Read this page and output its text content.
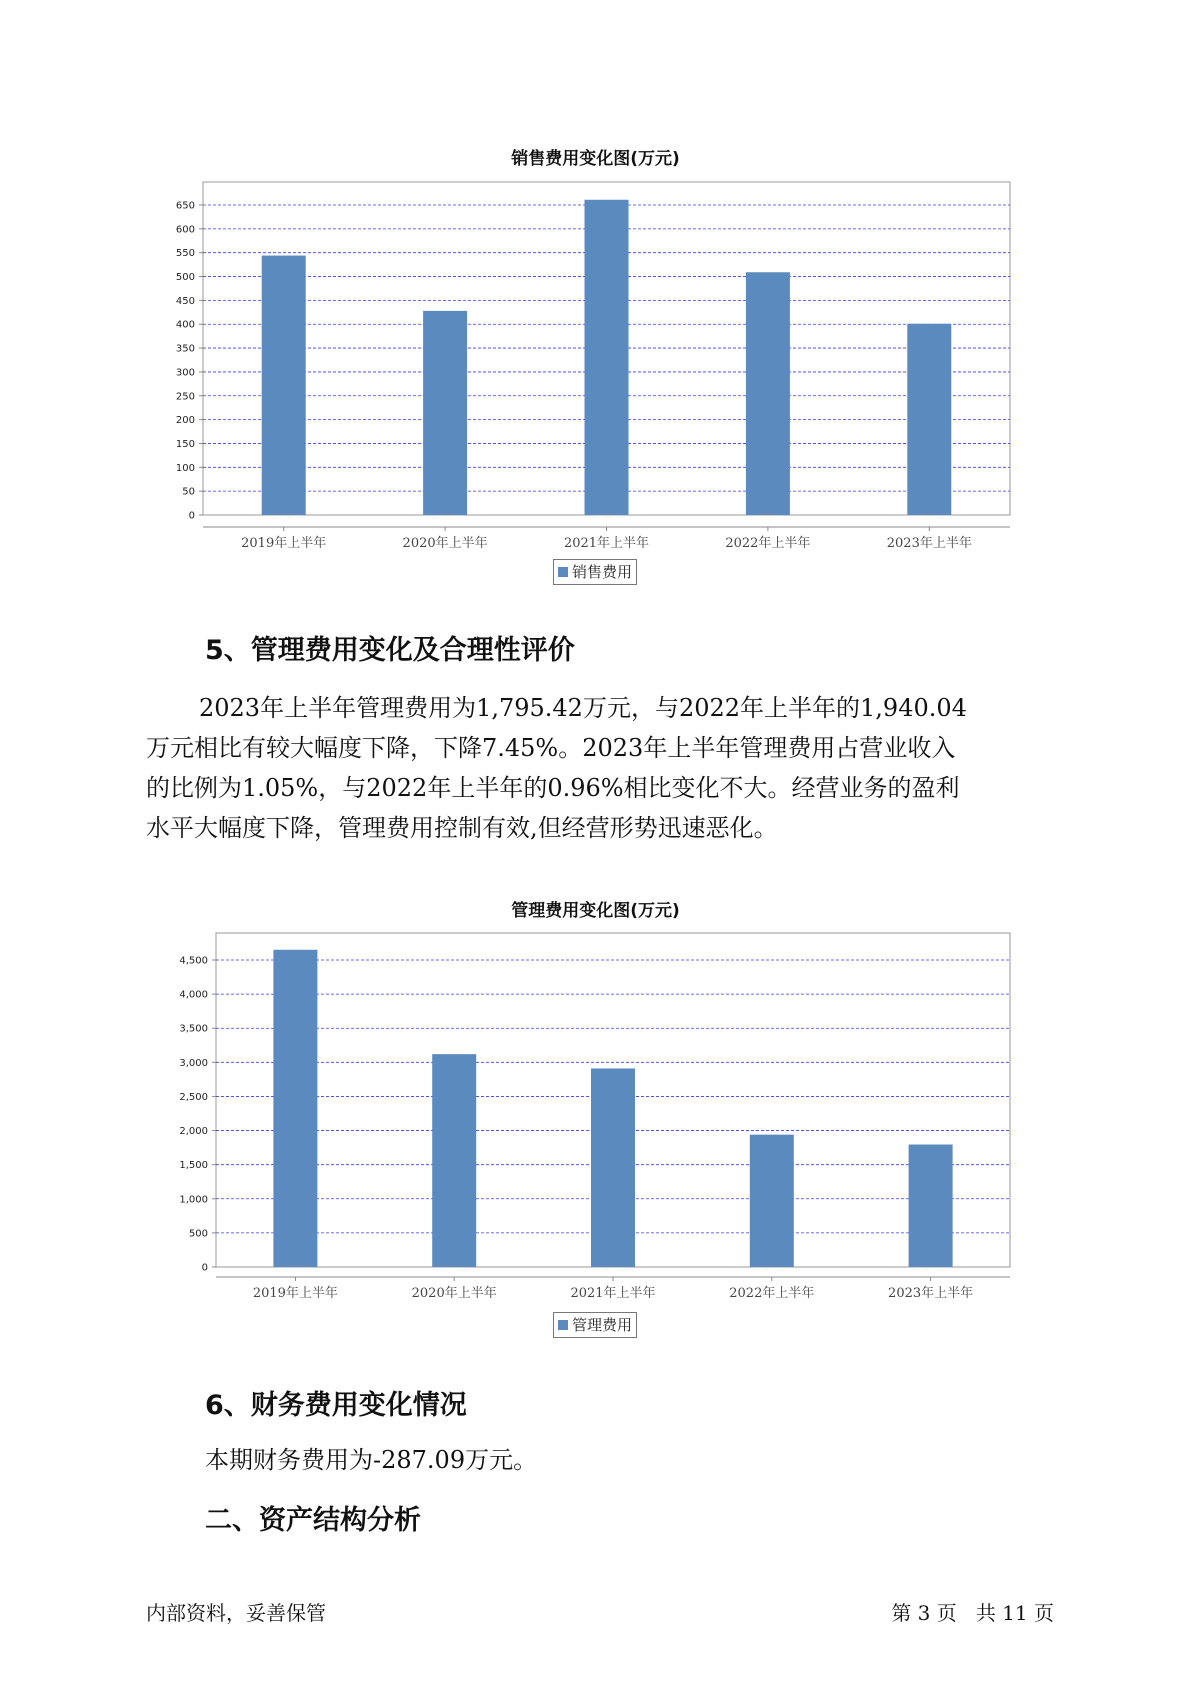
销售费用变化图(万元)
0
50
100
150
200
250
300
350
400
450
500
550
600
650
2019年上半年	2020年上半年	2021年上半年	2022年上半年	2023年上半年
销售费用
5、管理费用变化及合理性评价
2023年上半年管理费用为1,795.42万元，与2022年上半年的1,940.04
万元相比有较大幅度下降，下降7.45%。2023年上半年管理费用占营业收入
的比例为1.05%，与2022年上半年的0.96%相比变化不大。经营业务的盈利
水平大幅度下降，管理费用控制有效,但经营形势迅速恶化。
管理费用变化图(万元)
0
500
1,000
1,500
2,000
2,500
3,000
3,500
4,000
4,500
2019年上半年	2020年上半年	2021年上半年	2022年上半年	2023年上半年
管理费用
6、财务费用变化情况
本期财务费用为-287.09万元。
二、资产结构分析
内部资料，妥善保管	第 3 页   共 11 页
